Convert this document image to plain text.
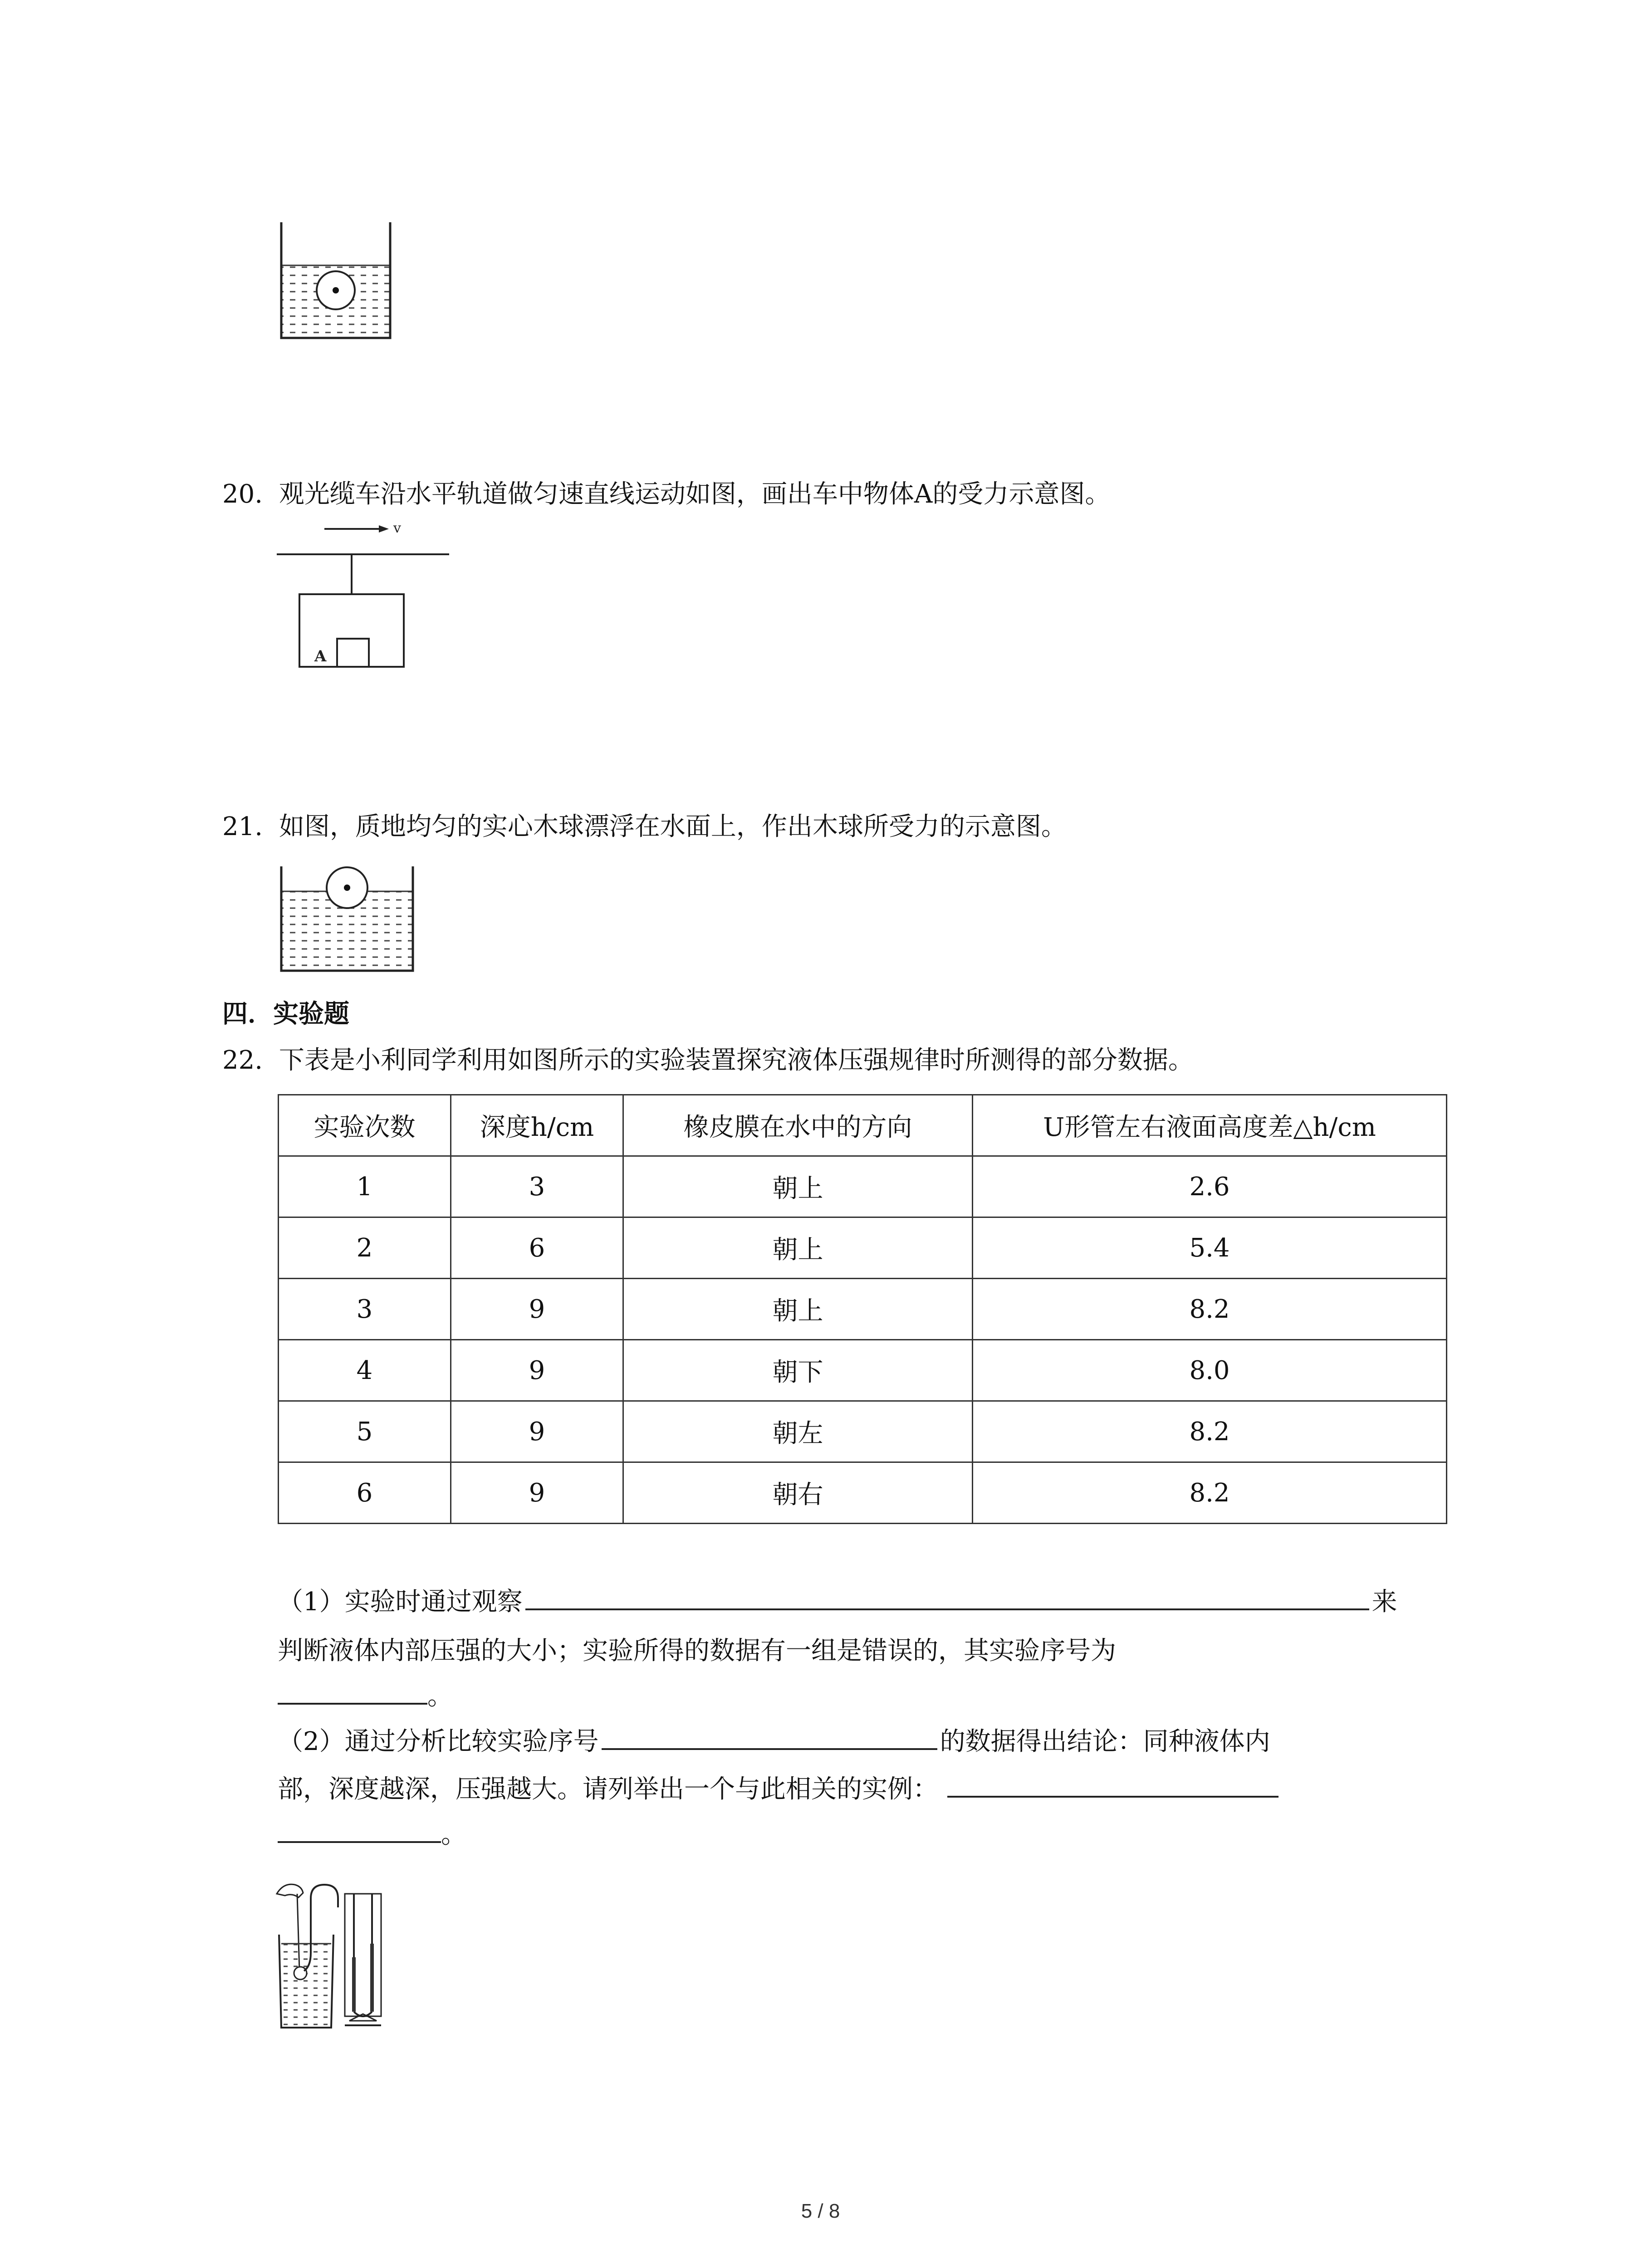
20. 观光缆车沿水平轨道做匀速直线运动如图，画出车中物体A的受力示意图。
v
A
21. 如图，质地均匀的实心木球漂浮在水面上，作出木球所受力的示意图。
四．实验题
22. 下表是小利同学利用如图所示的实验装置探究液体压强规律时所测得的部分数据。
实验次数	深度h/cm	橡皮膜在水中的方向	U形管左右液面高度差△h/cm
1	3	朝上	2.6
2	6	朝上	5.4
3	9	朝上	8.2
4	9	朝下	8.0
5	9	朝左	8.2
6	9	朝右	8.2
（1）实验时通过观察	来
判断液体内部压强的大小；实验所得的数据有一组是错误的，其实验序号为
。
（2）通过分析比较实验序号	的数据得出结论：同种液体内
部，深度越深，压强越大。请列举出一个与此相关的实例：
。
5 / 8
